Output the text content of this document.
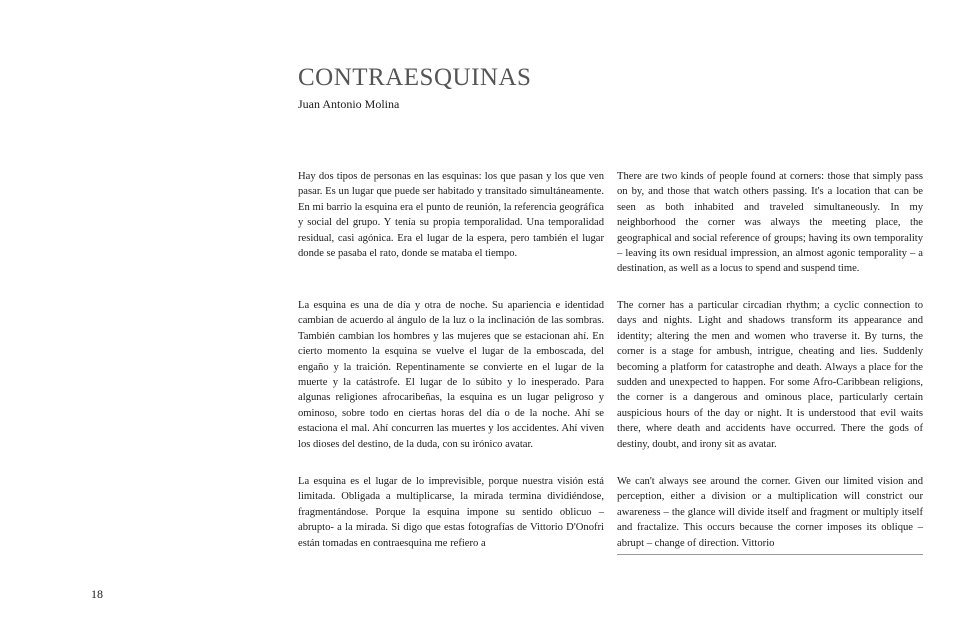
CONTRAESQUINAS

Juan Antonio Molina

Hay dos tipos de personas en las esquinas: los que pasan y los que ven pasar. Es un lugar que puede ser habitado y transitado simultáneamente. En mi barrio la esquina era el punto de reunión, la referencia geográfica y social del grupo. Y tenía su propia temporalidad. Una temporalidad residual, casi agónica. Era el lugar de la espera, pero también el lugar donde se pasaba el rato, donde se mataba el tiempo.

La esquina es una de día y otra de noche. Su apariencia e identidad cambian de acuerdo al ángulo de la luz o la inclinación de las sombras. También cambian los hombres y las mujeres que se estacionan ahí. En cierto momento la esquina se vuelve el lugar de la emboscada, del engaño y la traición. Repentinamente se convierte en el lugar de la muerte y la catástrofe. El lugar de lo súbito y lo inesperado. Para algunas religiones afrocaribeñas, la esquina es un lugar peligroso y ominoso, sobre todo en ciertas horas del día o de la noche. Ahí se estaciona el mal. Ahí concurren las muertes y los accidentes. Ahí viven los dioses del destino, de la duda, con su irónico avatar.

La esquina es el lugar de lo imprevisible, porque nuestra visión está limitada. Obligada a multiplicarse, la mirada termina dividiéndose, fragmentándose. Porque la esquina impone su sentido oblicuo –abrupto- a la mirada. Si digo que estas fotografías de Vittorio D'Onofri están tomadas en contraesquina me refiero a

There are two kinds of people found at corners: those that simply pass on by, and those that watch others passing. It's a location that can be seen as both inhabited and traveled simultaneously. In my neighborhood the corner was always the meeting place, the geographical and social reference of groups; having its own temporality – leaving its own residual impression, an almost agonic temporality – a destination, as well as a locus to spend and suspend time.

The corner has a particular circadian rhythm; a cyclic connection to days and nights. Light and shadows transform its appearance and identity; altering the men and women who traverse it. By turns, the corner is a stage for ambush, intrigue, cheating and lies. Suddenly becoming a platform for catastrophe and death. Always a place for the sudden and unexpected to happen. For some Afro-Caribbean religions, the corner is a dangerous and ominous place, particularly certain auspicious hours of the day or night. It is understood that evil waits there, where death and accidents have occurred. There the gods of destiny, doubt, and irony sit as avatar.

We can't always see around the corner. Given our limited vision and perception, either a division or a multiplication will constrict our awareness – the glance will divide itself and fragment or multiply itself and fractalize. This occurs because the corner imposes its oblique – abrupt – change of direction. Vittorio

18
